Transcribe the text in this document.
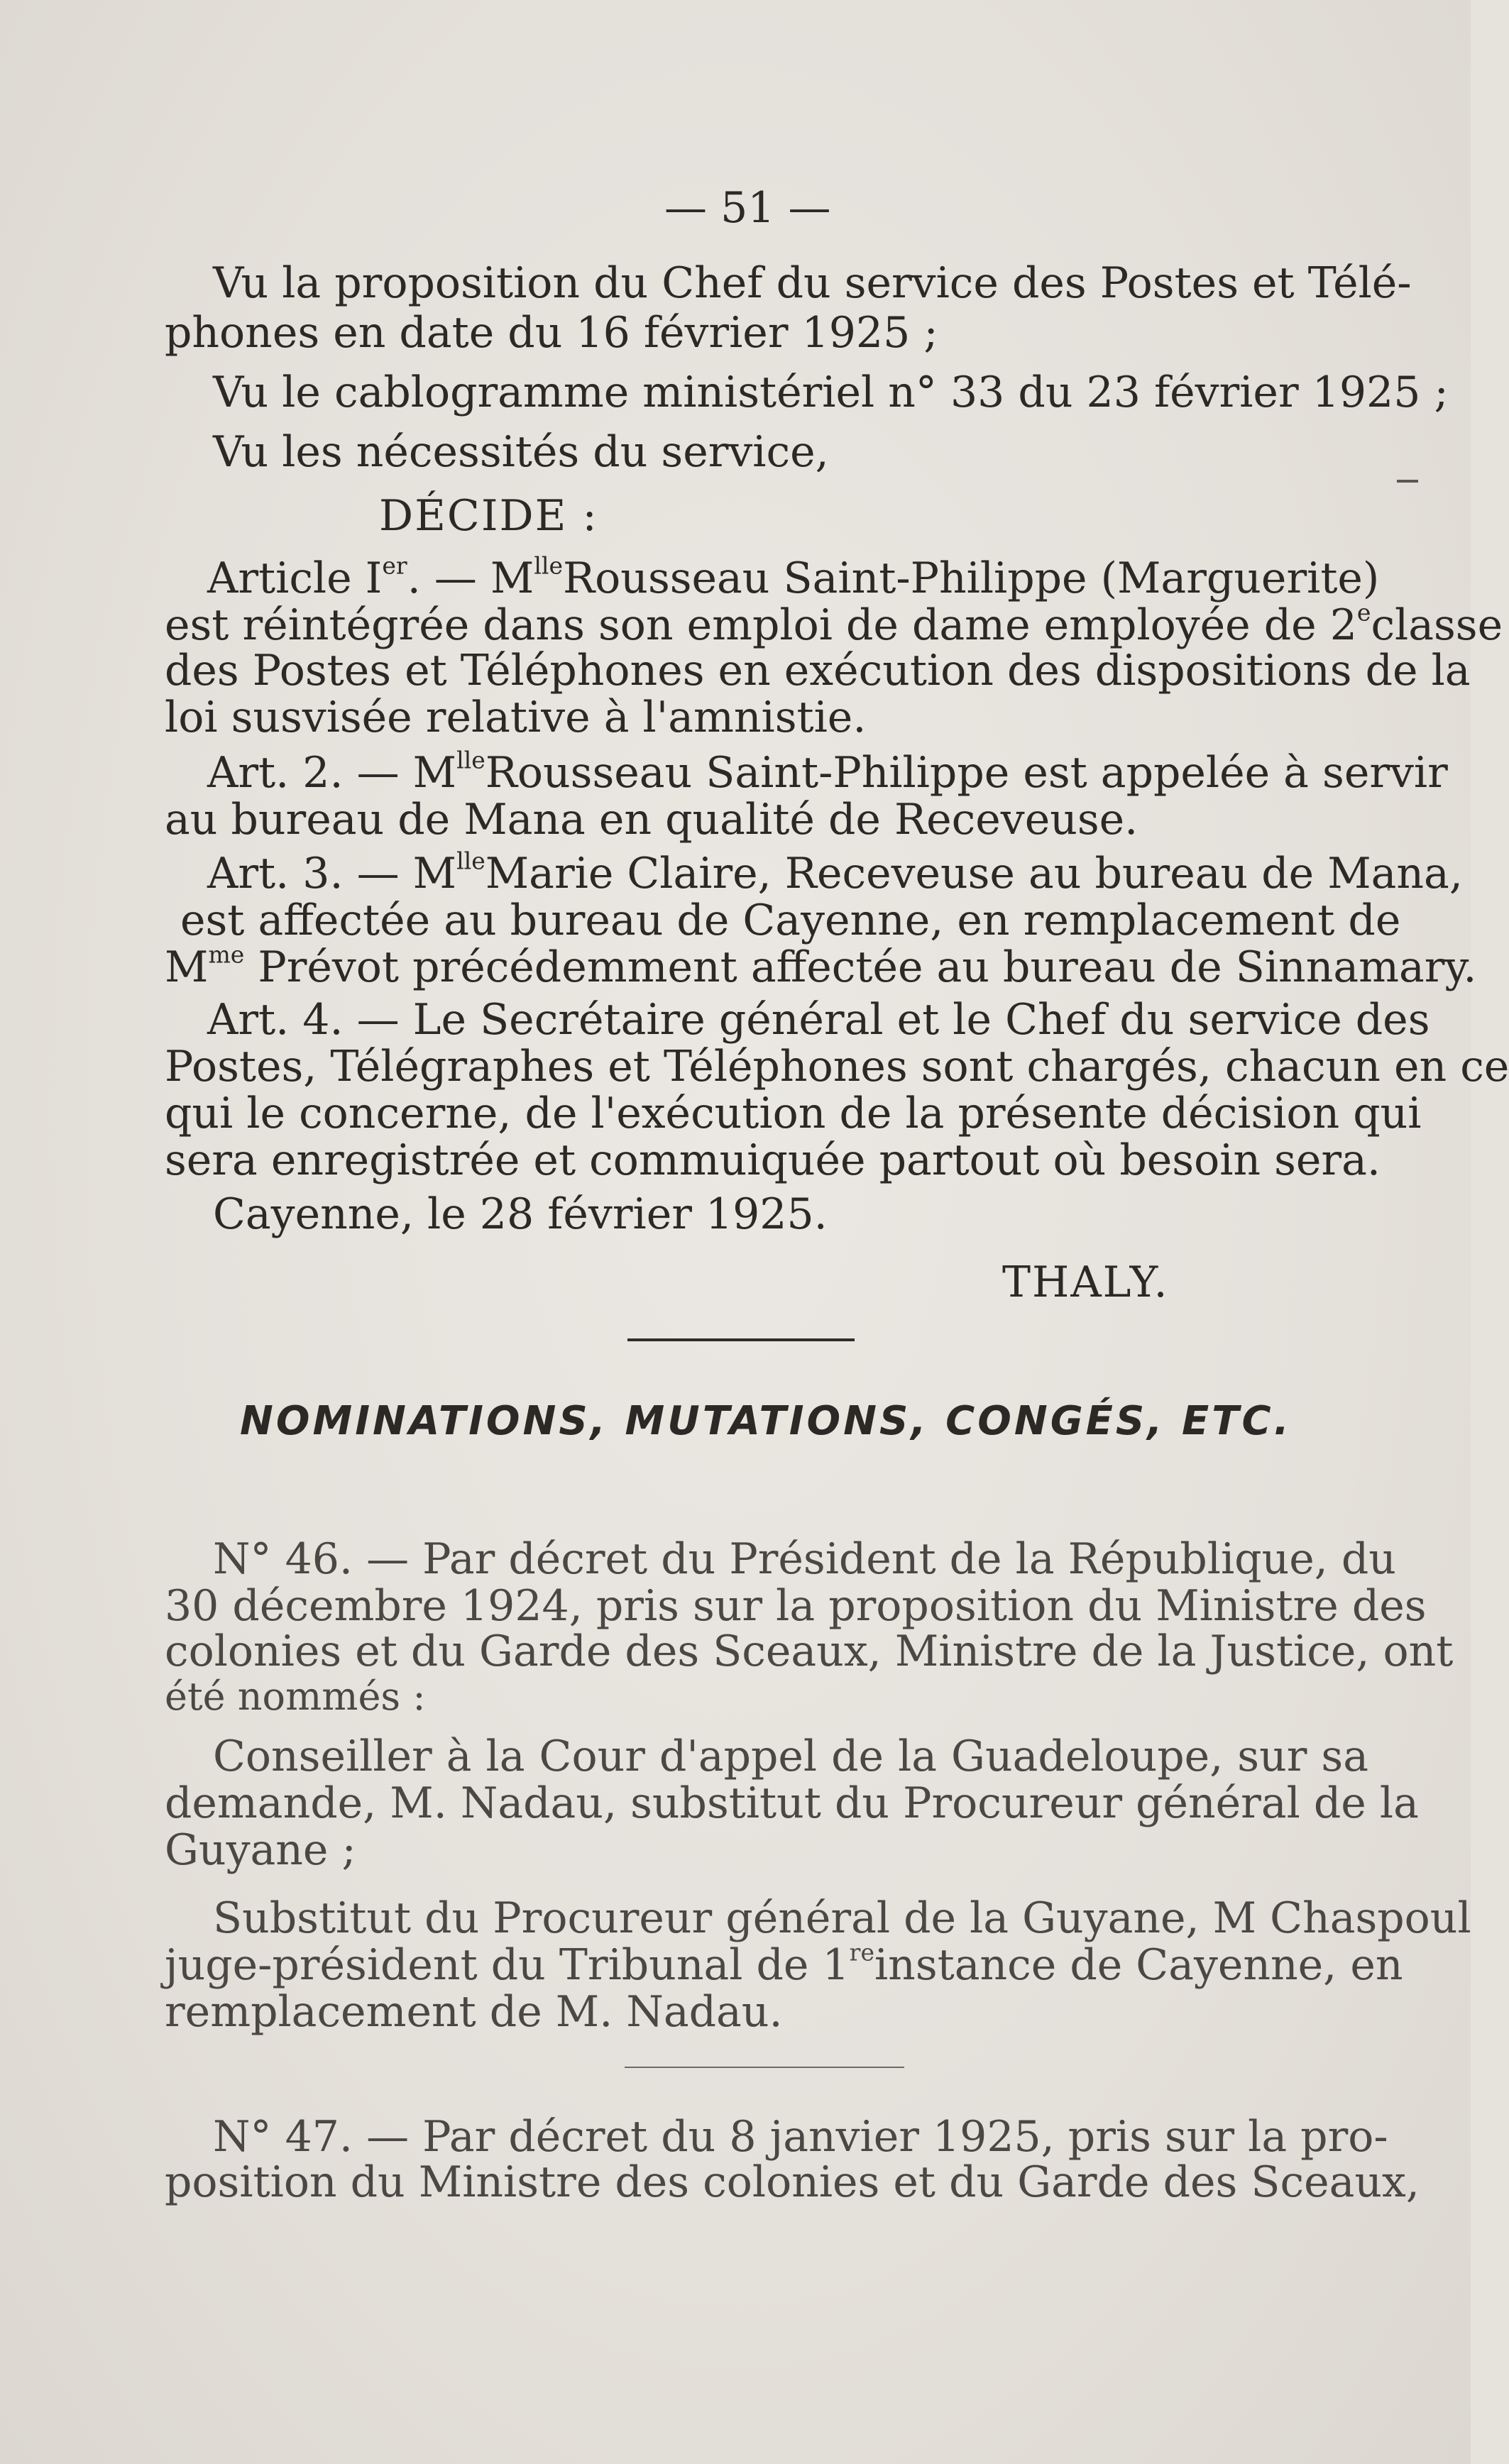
— 51 —
Vu la proposition du Chef du service des Postes et Télé-
phones en date du 16 février 1925 ;
Vu le cablogramme ministériel n° 33 du 23 février 1925 ;
Vu les nécessités du service,
DÉCIDE :
Article Ier. — $M^{lle}$ Rousseau Saint-Philippe (Marguerite)
est réintégrée dans son emploi de dame employée de 2e classe
des Postes et Téléphones en exécution des dispositions de la
loi susvisée relative à l'amnistie.
Art. 2. — $M^{lle}$ Rousseau Saint-Philippe est appelée à servir
au bureau de Mana en qualité de Receveuse.
Art. 3. — $M^{lle}$ Marie Claire, Receveuse au bureau de Mana,
est affectée au bureau de Cayenne, en remplacement de
$M^{me}$ Prévot précédemment affectée au bureau de Sinnamary.
Art. 4. — Le Secrétaire général et le Chef du service des
Postes, Télégraphes et Téléphones sont chargés, chacun en ce
qui le concerne, de l'exécution de la présente décision qui
sera enregistrée et commuiquée partout où besoin sera.
Cayenne, le 28 février 1925.
THALY.
NOMINATIONS, MUTATIONS, CONGÉS, ETC.
N° 46. — Par décret du Président de la République, du
30 décembre 1924, pris sur la proposition du Ministre des
colonies et du Garde des Sceaux, Ministre de la Justice, ont
été nommés :
Conseiller à la Cour d'appel de la Guadeloupe, sur sa
demande, M. Nadau, substitut du Procureur général de la
Guyane ;
Substitut du Procureur général de la Guyane, M Chaspoul
juge-président du Tribunal de 1re instance de Cayenne, en
remplacement de M. Nadau.
N° 47. — Par décret du 8 janvier 1925, pris sur la pro-
position du Ministre des colonies et du Garde des Sceaux,
